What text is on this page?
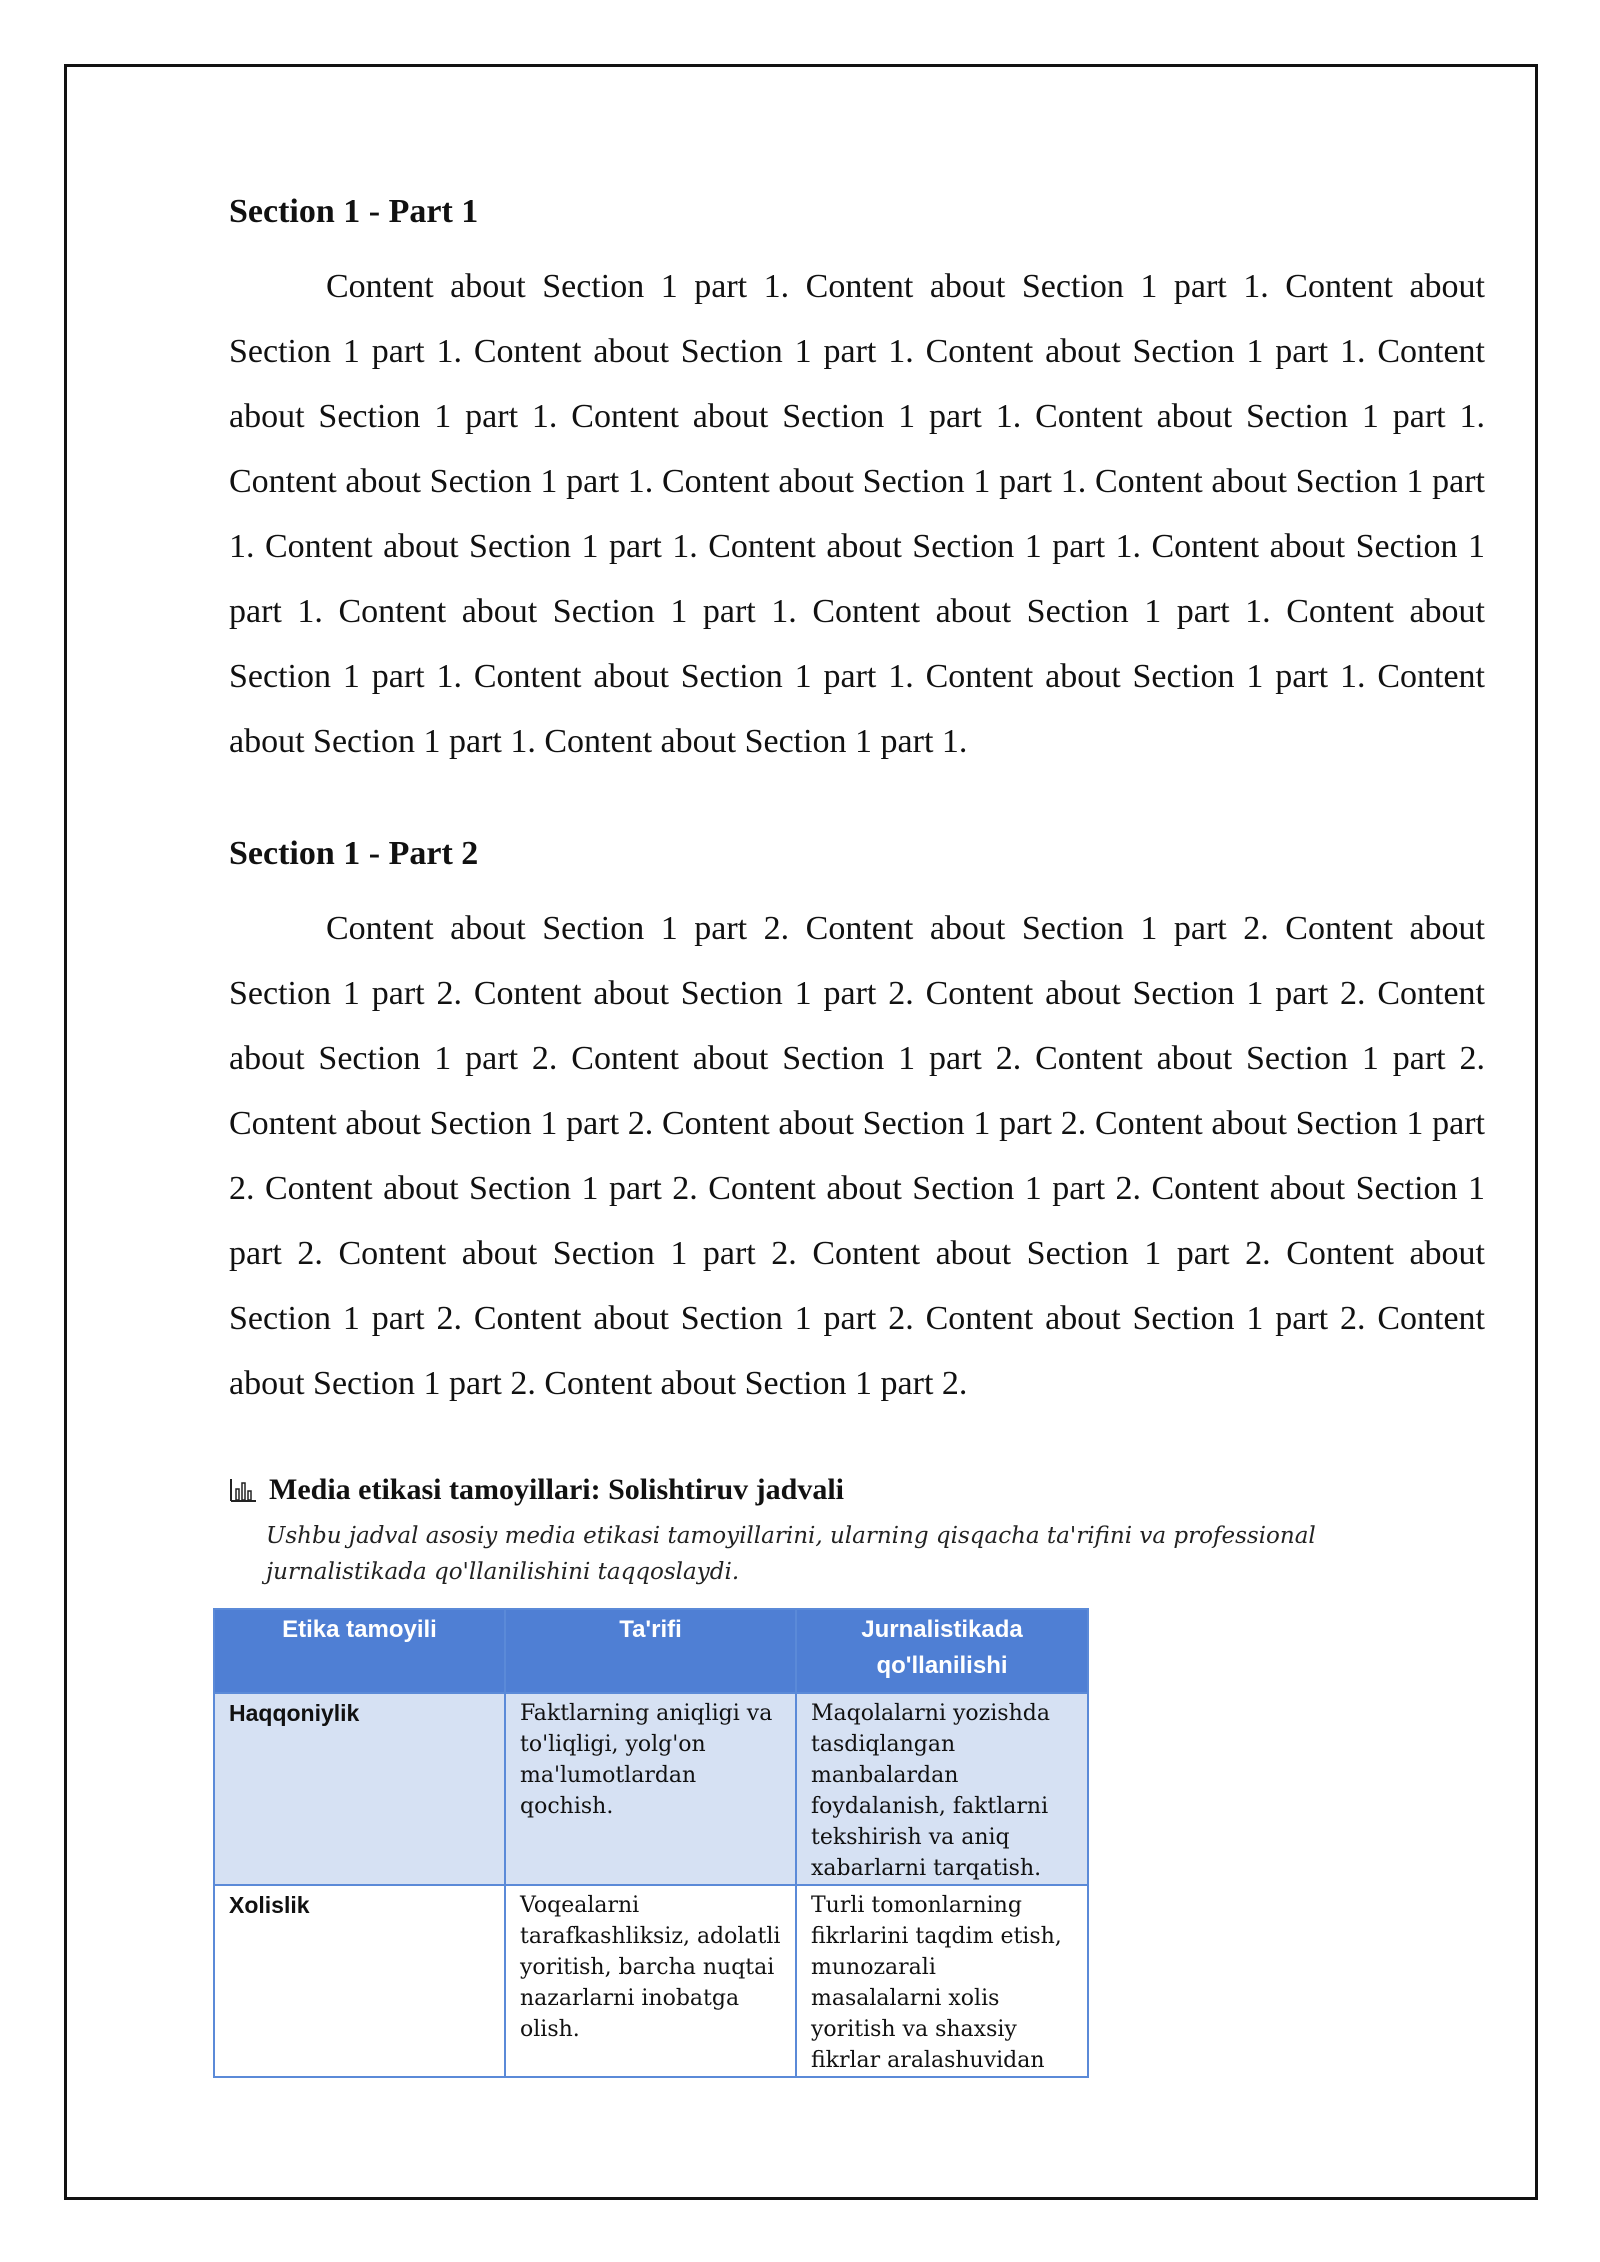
Section 1 - Part 1

Content about Section 1 part 1. Content about Section 1 part 1. Content about Section 1 part 1. Content about Section 1 part 1. Content about Section 1 part 1. Content about Section 1 part 1. Content about Section 1 part 1. Content about Section 1 part 1. Content about Section 1 part 1. Content about Section 1 part 1. Content about Section 1 part 1. Content about Section 1 part 1. Content about Section 1 part 1. Content about Section 1 part 1. Content about Section 1 part 1. Content about Section 1 part 1. Content about Section 1 part 1. Content about Section 1 part 1. Content about Section 1 part 1. Content about Section 1 part 1. Content about Section 1 part 1.

Section 1 - Part 2

Content about Section 1 part 2. Content about Section 1 part 2. Content about Section 1 part 2. Content about Section 1 part 2. Content about Section 1 part 2. Content about Section 1 part 2. Content about Section 1 part 2. Content about Section 1 part 2. Content about Section 1 part 2. Content about Section 1 part 2. Content about Section 1 part 2. Content about Section 1 part 2. Content about Section 1 part 2. Content about Section 1 part 2. Content about Section 1 part 2. Content about Section 1 part 2. Content about Section 1 part 2. Content about Section 1 part 2. Content about Section 1 part 2. Content about Section 1 part 2. Content about Section 1 part 2.

Media etikasi tamoyillari: Solishtiruv jadvali
Ushbu jadval asosiy media etikasi tamoyillarini, ularning qisqacha ta'rifini va professional jurnalistikada qo'llanilishini taqqoslaydi.
Etika tamoyili	Ta'rifi	Jurnalistikada qo'llanilishi
Haqqoniylik	Faktlarning aniqligi va to'liqligi, yolg'on ma'lumotlardan qochish.	Maqolalarni yozishda tasdiqlangan manbalardan foydalanish, faktlarni tekshirish va aniq xabarlarni tarqatish.
Xolislik	Voqealarni tarafkashliksiz, adolatli yoritish, barcha nuqtai nazarlarni inobatga olish.	Turli tomonlarning fikrlarini taqdim etish, munozarali masalalarni xolis yoritish va shaxsiy fikrlar aralashuvidan
